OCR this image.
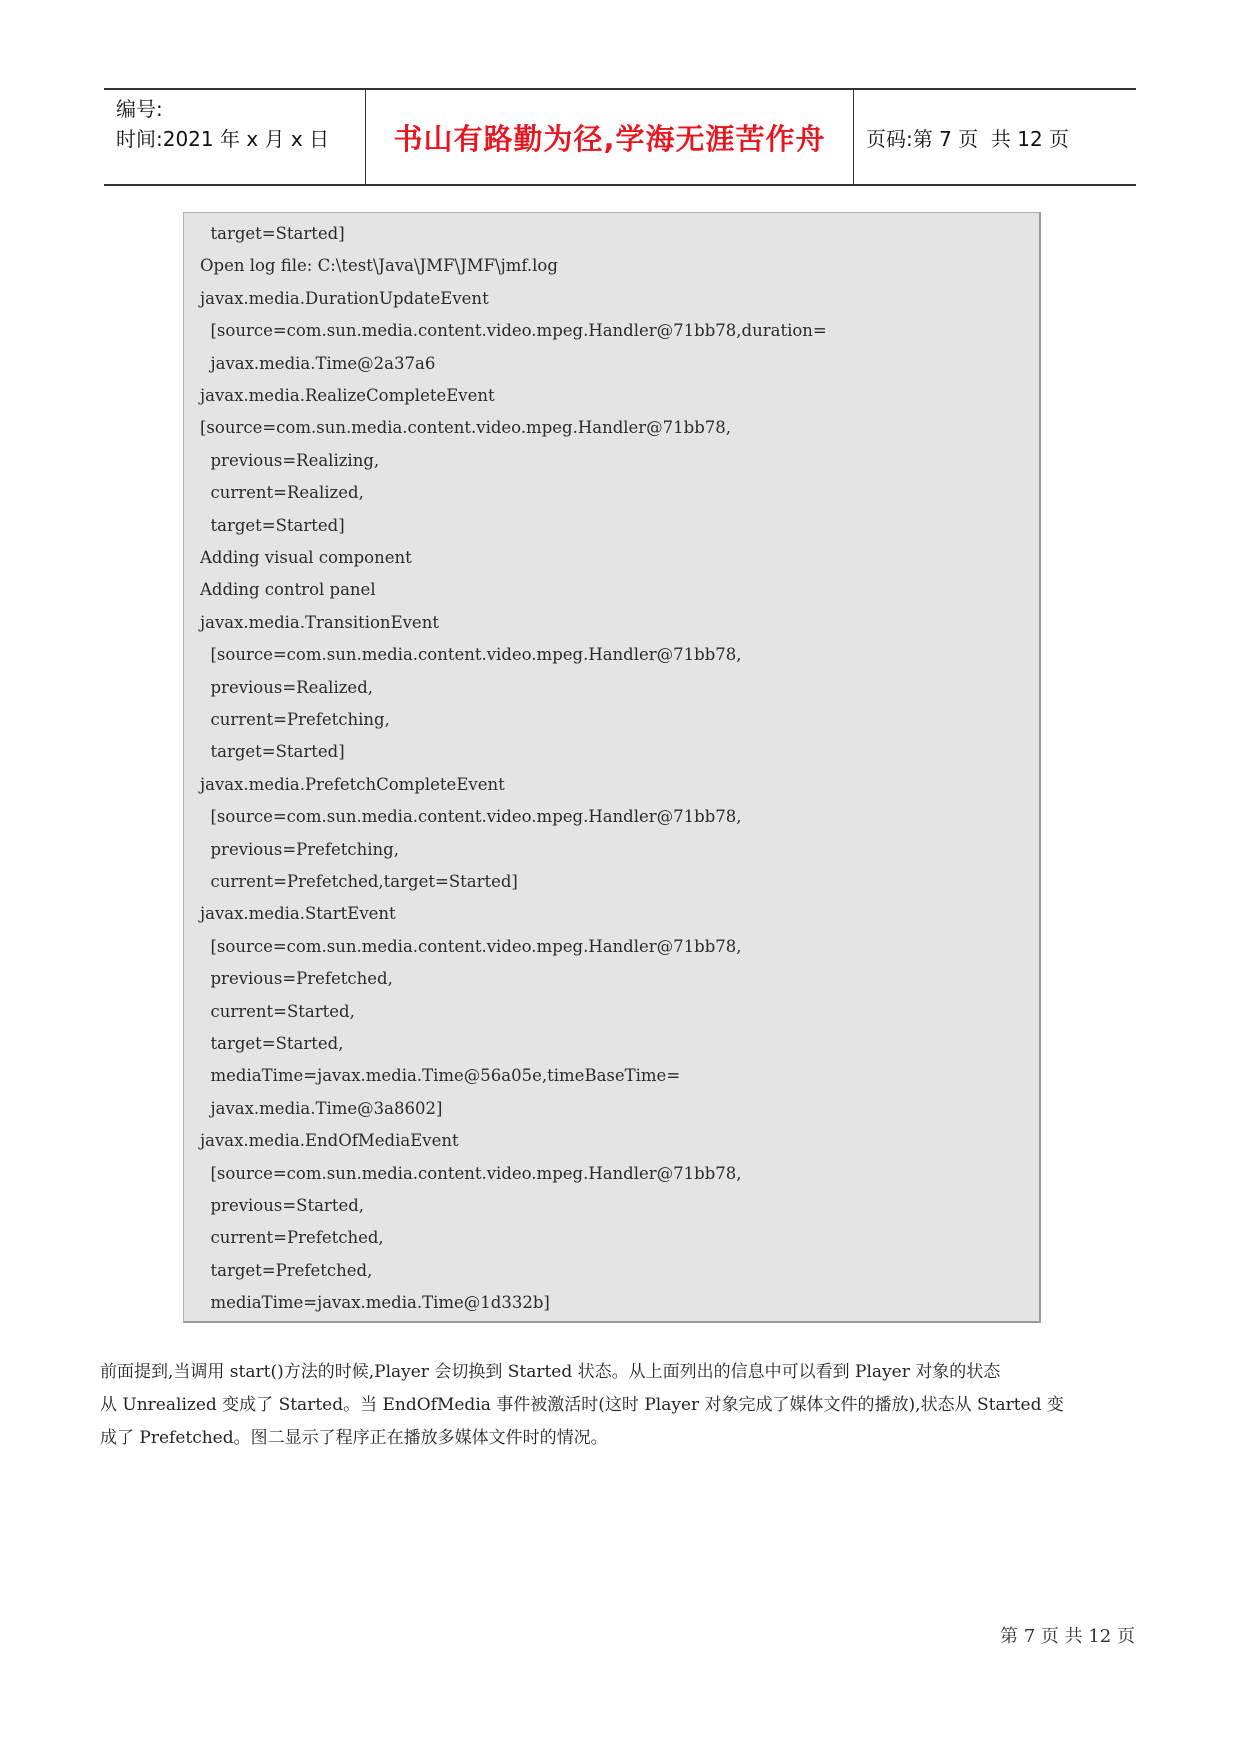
编号:
时间:2021 年 x 月 x 日	书山有路勤为径,学海无涯苦作舟	页码:第 7 页  共 12 页
target=Started]
Open log file: C:\test\Java\JMF\JMF\jmf.log
javax.media.DurationUpdateEvent
[source=com.sun.media.content.video.mpeg.Handler@71bb78,duration=
javax.media.Time@2a37a6
javax.media.RealizeCompleteEvent
[source=com.sun.media.content.video.mpeg.Handler@71bb78,
previous=Realizing,
current=Realized,
target=Started]
Adding visual component
Adding control panel
javax.media.TransitionEvent
[source=com.sun.media.content.video.mpeg.Handler@71bb78,
previous=Realized,
current=Prefetching,
target=Started]
javax.media.PrefetchCompleteEvent
[source=com.sun.media.content.video.mpeg.Handler@71bb78,
previous=Prefetching,
current=Prefetched,target=Started]
javax.media.StartEvent
[source=com.sun.media.content.video.mpeg.Handler@71bb78,
previous=Prefetched,
current=Started,
target=Started,
mediaTime=javax.media.Time@56a05e,timeBaseTime=
javax.media.Time@3a8602]
javax.media.EndOfMediaEvent
[source=com.sun.media.content.video.mpeg.Handler@71bb78,
previous=Started,
current=Prefetched,
target=Prefetched,
mediaTime=javax.media.Time@1d332b]
前面提到,当调用 start()方法的时候,Player 会切换到 Started 状态。从上面列出的信息中可以看到 Player 对象的状态
从 Unrealized 变成了 Started。当 EndOfMedia 事件被激活时(这时 Player 对象完成了媒体文件的播放),状态从 Started 变
成了 Prefetched。图二显示了程序正在播放多媒体文件时的情况。
第 7 页 共 12 页
